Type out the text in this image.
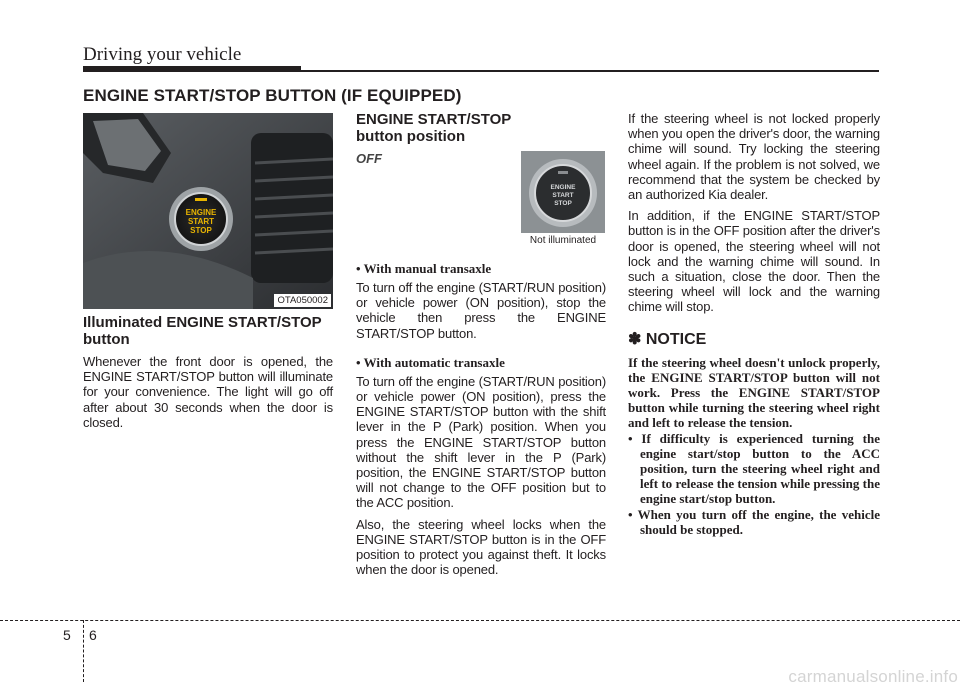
Driving your vehicle
ENGINE START/STOP BUTTON (IF EQUIPPED)
ENGINE
START
STOP
OTA050002
Illuminated ENGINE START/STOP button

Whenever the front door is opened, the ENGINE START/STOP button will illuminate for your convenience. The light will go off after about 30 seconds when the door is closed.

ENGINE START/STOP button position
OFF
ENGINE
START
STOP
Not illuminated
• With manual transaxle

To turn off the engine (START/RUN position) or vehicle power (ON position), stop the vehicle then press the ENGINE START/STOP button.

• With automatic transaxle

To turn off the engine (START/RUN position) or vehicle power (ON position), press the ENGINE START/STOP button with the shift lever in the P (Park) position. When you press the ENGINE START/STOP button without the shift lever in the P (Park) position, the ENGINE START/STOP button will not change to the OFF position but to the ACC position.

Also, the steering wheel locks when the ENGINE START/STOP button is in the OFF position to protect you against theft. It locks when the door is opened.

If the steering wheel is not locked properly when you open the driver's door, the warning chime will sound. Try locking the steering wheel again. If the problem is not solved, we recommend that the system be checked by an authorized Kia dealer.

In addition, if the ENGINE START/STOP button is in the OFF position after the driver's door is opened, the steering wheel will not lock and the warning chime will sound. In such a situation, close the door. Then the steering wheel will lock and the warning chime will stop.

✽ NOTICE

If the steering wheel doesn't unlock properly, the ENGINE START/STOP button will not work. Press the ENGINE START/STOP button while turning the steering wheel right and left to release the tension.

• If difficulty is experienced turning the engine start/stop button to the ACC position, turn the steering wheel right and left to release the tension while pressing the engine start/stop button.
• When you turn off the engine, the vehicle should be stopped.
5 6
carmanualsonline.info
